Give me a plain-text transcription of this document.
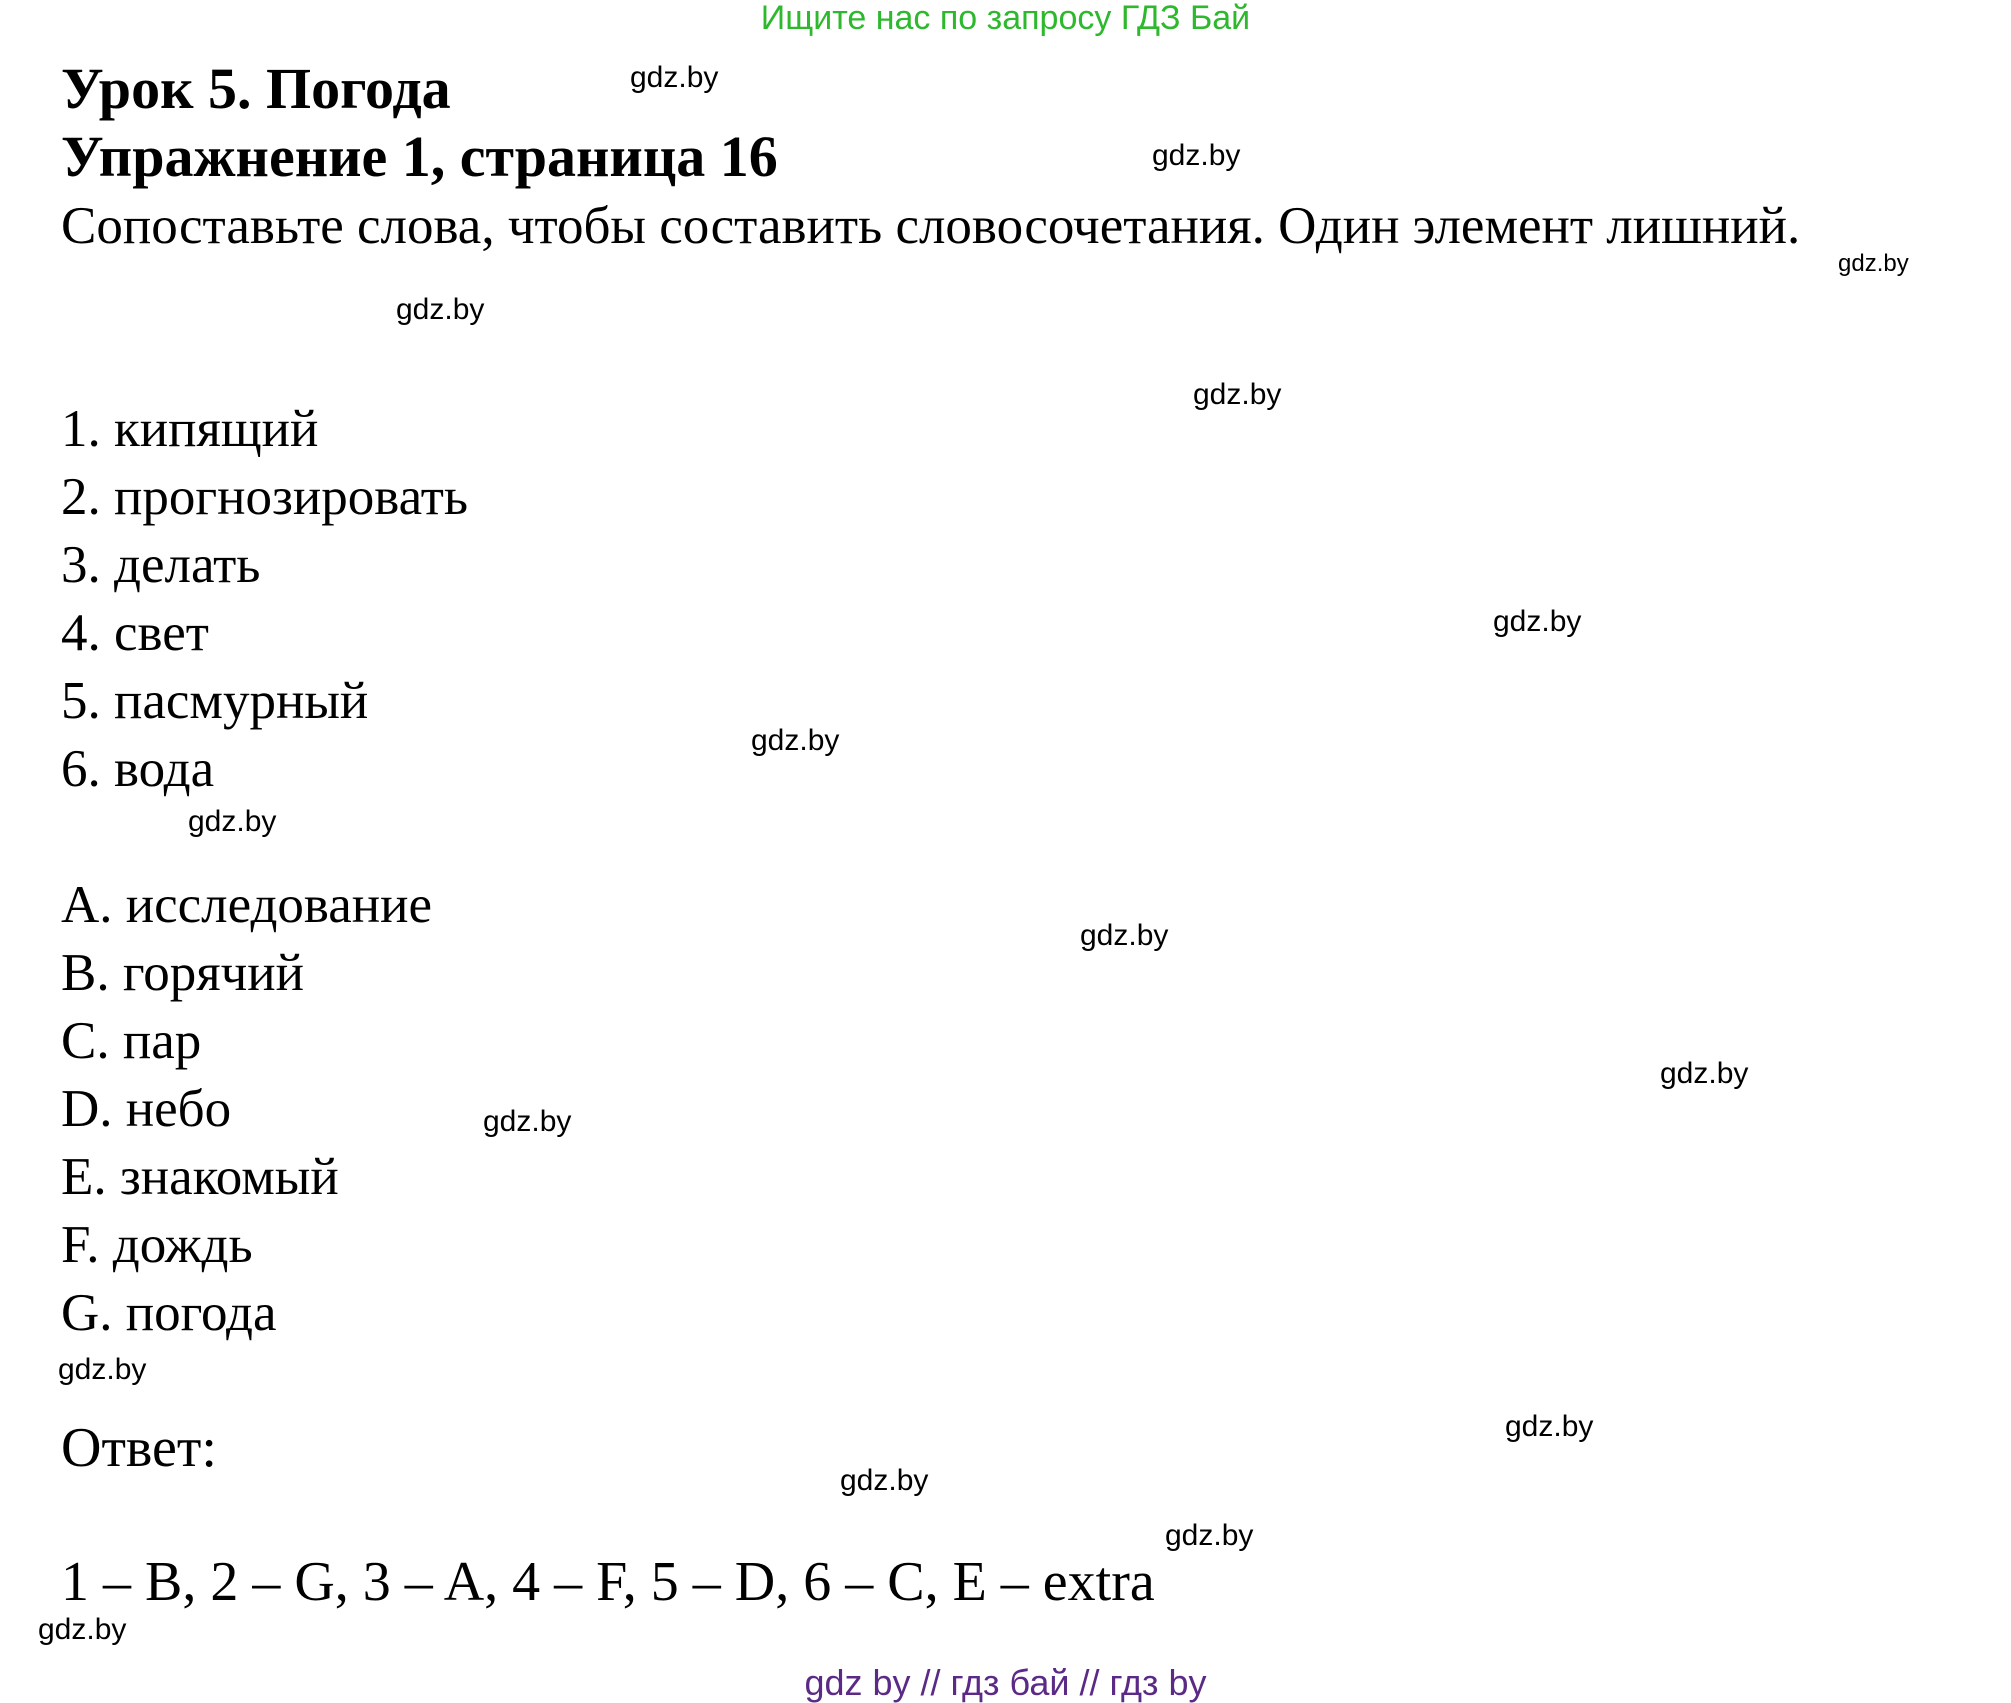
Ищите нас по запросу ГДЗ Бай
Урок 5. Погода
Упражнение 1, страница 16
Сопоставьте слова, чтобы составить словосочетания. Один элемент лишний.
1. кипящий
2. прогнозировать
3. делать
4. свет
5. пасмурный
6. вода
A. исследование
B. горячий
C. пар
D. небо
E. знакомый
F. дождь
G. погода
Ответ:
1 – B, 2 – G, 3 – A, 4 – F, 5 – D, 6 – C, E – extra
gdz.by
gdz.by
gdz.by
gdz.by
gdz.by
gdz.by
gdz.by
gdz.by
gdz.by
gdz.by
gdz.by
gdz.by
gdz.by
gdz.by
gdz.by
gdz.by
gdz by // гдз бай // гдз by
